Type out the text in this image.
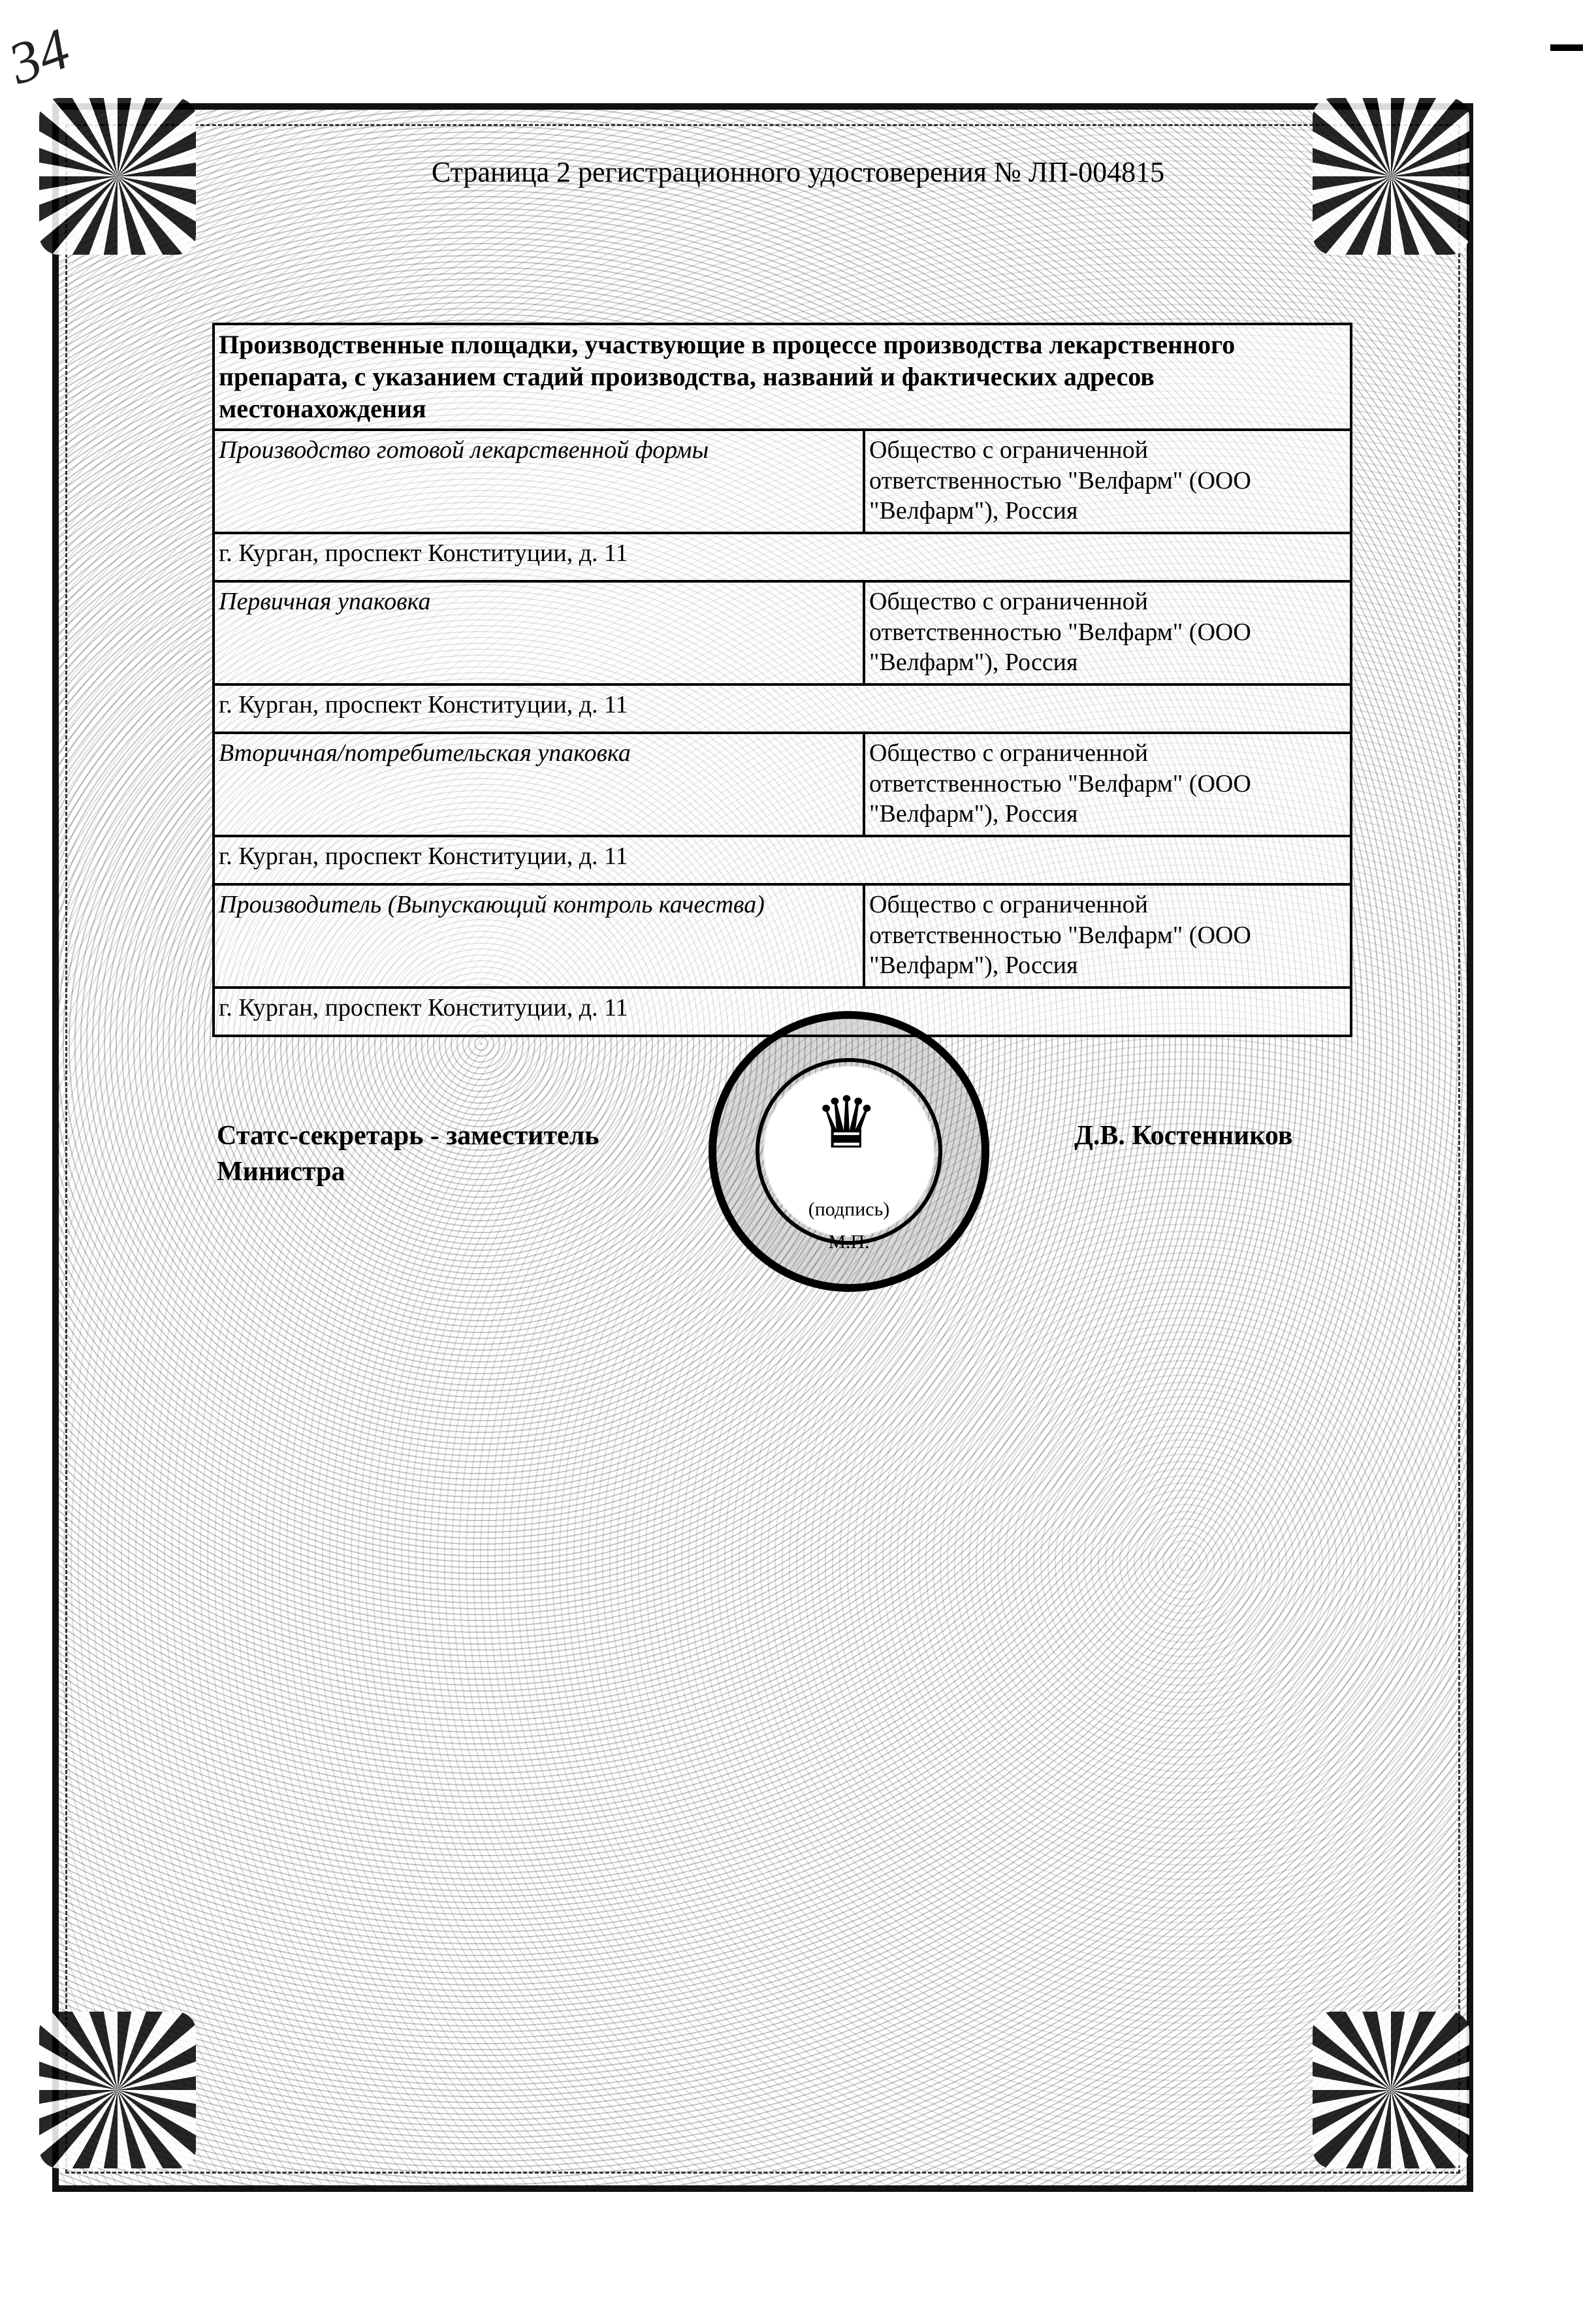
34
Страница 2 регистрационного удостоверения № ЛП-004815
Производственные площадки, участвующие в процессе производства лекарственного препарата, с указанием стадий производства, названий и фактических адресов местонахождения	
Производство готовой лекарственной формы	Общество с ограниченной ответственностью "Велфарм" (ООО "Велфарм"), Россия
г. Курган, проспект Конституции, д. 11	
Первичная упаковка	Общество с ограниченной ответственностью "Велфарм" (ООО "Велфарм"), Россия
г. Курган, проспект Конституции, д. 11	
Вторичная/потребительская упаковка	Общество с ограниченной ответственностью "Велфарм" (ООО "Велфарм"), Россия
г. Курган, проспект Конституции, д. 11	
Производитель (Выпускающий контроль качества)	Общество с ограниченной ответственностью "Велфарм" (ООО "Велфарм"), Россия
г. Курган, проспект Конституции, д. 11	
♛
(подпись)
М.П.
Статс-секретарь - заместитель
Министра
Д.В. Костенников
